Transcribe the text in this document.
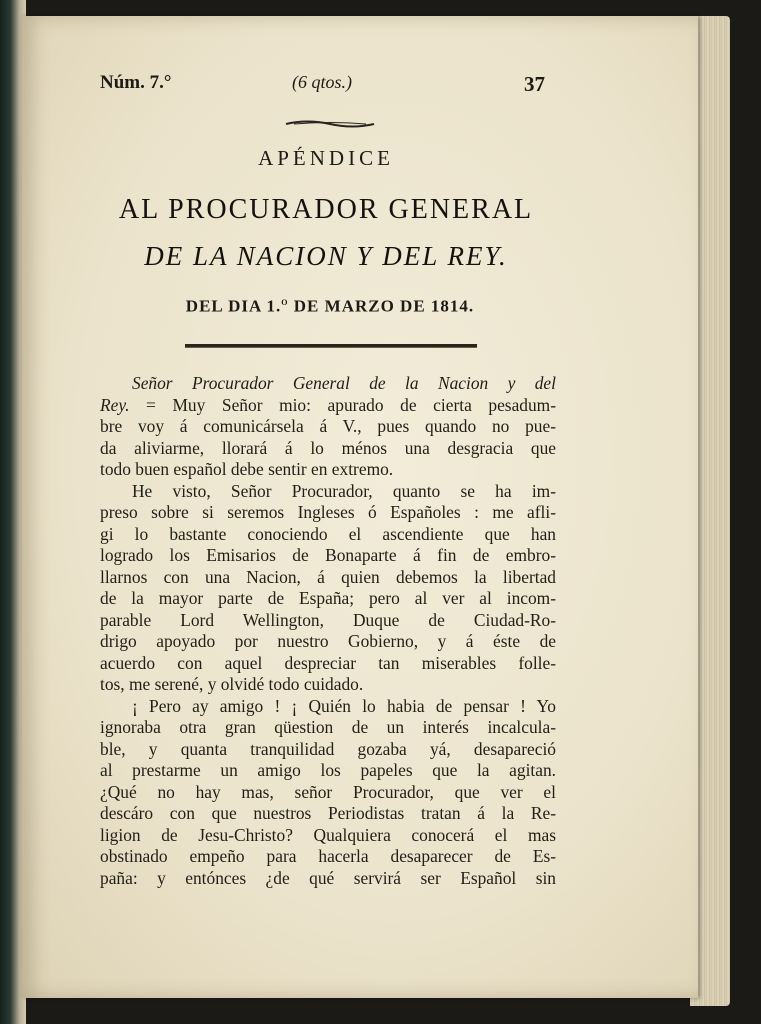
Núm. 7.°	(6 qtos.)	37
APÉNDICE
AL PROCURADOR GENERAL
DE LA NACION Y DEL REY.
DEL DIA 1.$^o$ DE MARZO DE 1814.
Señor Procurador General de la Nacion y del
Rey. = Muy Señor mio: apurado de cierta pesadum-
bre voy á comunicársela á V., pues quando no pue-
da aliviarme, llorará á lo ménos una desgracia que
todo buen español debe sentir en extremo.
He visto, Señor Procurador, quanto se ha im-
preso sobre si seremos Ingleses ó Españoles : me afli-
gi lo bastante conociendo el ascendiente que han
logrado los Emisarios de Bonaparte á fin de embro-
llarnos con una Nacion, á quien debemos la libertad
de la mayor parte de España; pero al ver al incom-
parable Lord Wellington, Duque de Ciudad-Ro-
drigo apoyado por nuestro Gobierno, y á éste de
acuerdo con aquel despreciar tan miserables folle-
tos, me serené, y olvidé todo cuidado.
¡ Pero ay amigo ! ¡ Quién lo habia de pensar ! Yo
ignoraba otra gran qüestion de un interés incalcula-
ble, y quanta tranquilidad gozaba yá, desapareció
al prestarme un amigo los papeles que la agitan.
¿Qué no hay mas, señor Procurador, que ver el
descáro con que nuestros Periodistas tratan á la Re-
ligion de Jesu-Christo? Qualquiera conocerá el mas
obstinado empeño para hacerla desaparecer de Es-
paña: y entónces ¿de qué servirá ser Español sin
